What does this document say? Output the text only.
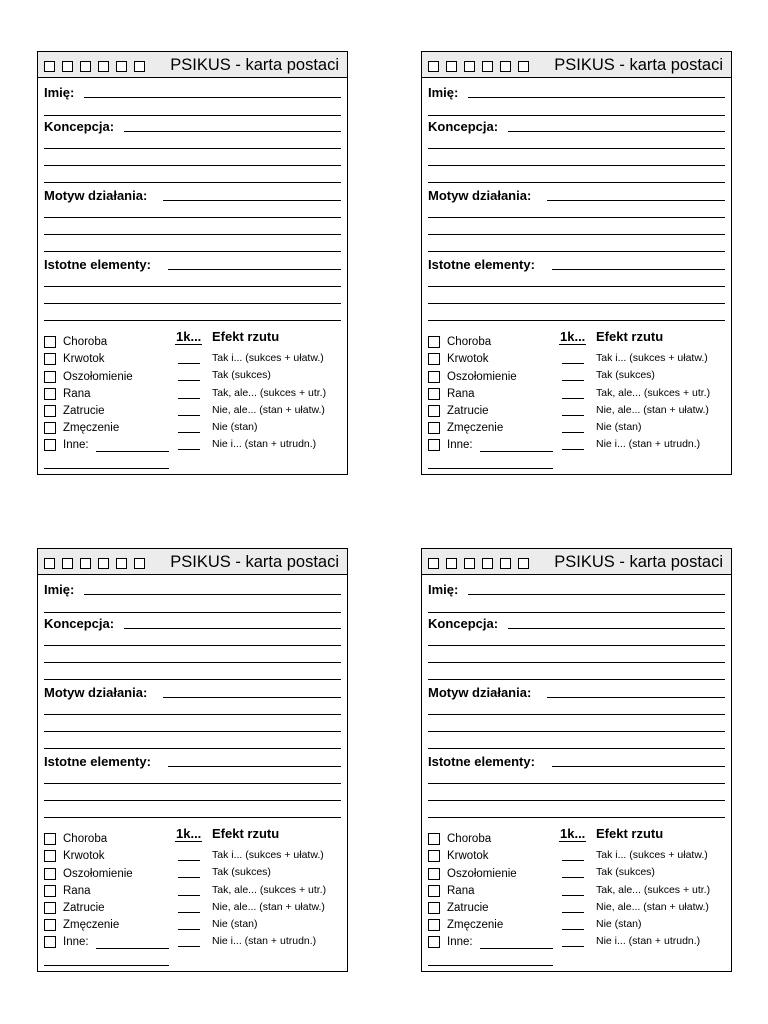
PSIKUS - karta postaci
Imię:
Koncepcja:
Motyw działania:
Istotne elementy:
Choroba
Krwotok
Oszołomienie
Rana
Zatrucie
Zmęczenie
Inne:
1k... Efekt rzutu
Tak i... (sukces + ułatw.)
Tak (sukces)
Tak, ale... (sukces + utr.)
Nie, ale... (stan + ułatw.)
Nie (stan)
Nie i... (stan + utrudn.)
PSIKUS - karta postaci
Imię:
Koncepcja:
Motyw działania:
Istotne elementy:
Choroba
Krwotok
Oszołomienie
Rana
Zatrucie
Zmęczenie
Inne:
1k... Efekt rzutu
Tak i... (sukces + ułatw.)
Tak (sukces)
Tak, ale... (sukces + utr.)
Nie, ale... (stan + ułatw.)
Nie (stan)
Nie i... (stan + utrudn.)
PSIKUS - karta postaci
Imię:
Koncepcja:
Motyw działania:
Istotne elementy:
Choroba
Krwotok
Oszołomienie
Rana
Zatrucie
Zmęczenie
Inne:
1k... Efekt rzutu
Tak i... (sukces + ułatw.)
Tak (sukces)
Tak, ale... (sukces + utr.)
Nie, ale... (stan + ułatw.)
Nie (stan)
Nie i... (stan + utrudn.)
PSIKUS - karta postaci
Imię:
Koncepcja:
Motyw działania:
Istotne elementy:
Choroba
Krwotok
Oszołomienie
Rana
Zatrucie
Zmęczenie
Inne:
1k... Efekt rzutu
Tak i... (sukces + ułatw.)
Tak (sukces)
Tak, ale... (sukces + utr.)
Nie, ale... (stan + ułatw.)
Nie (stan)
Nie i... (stan + utrudn.)
